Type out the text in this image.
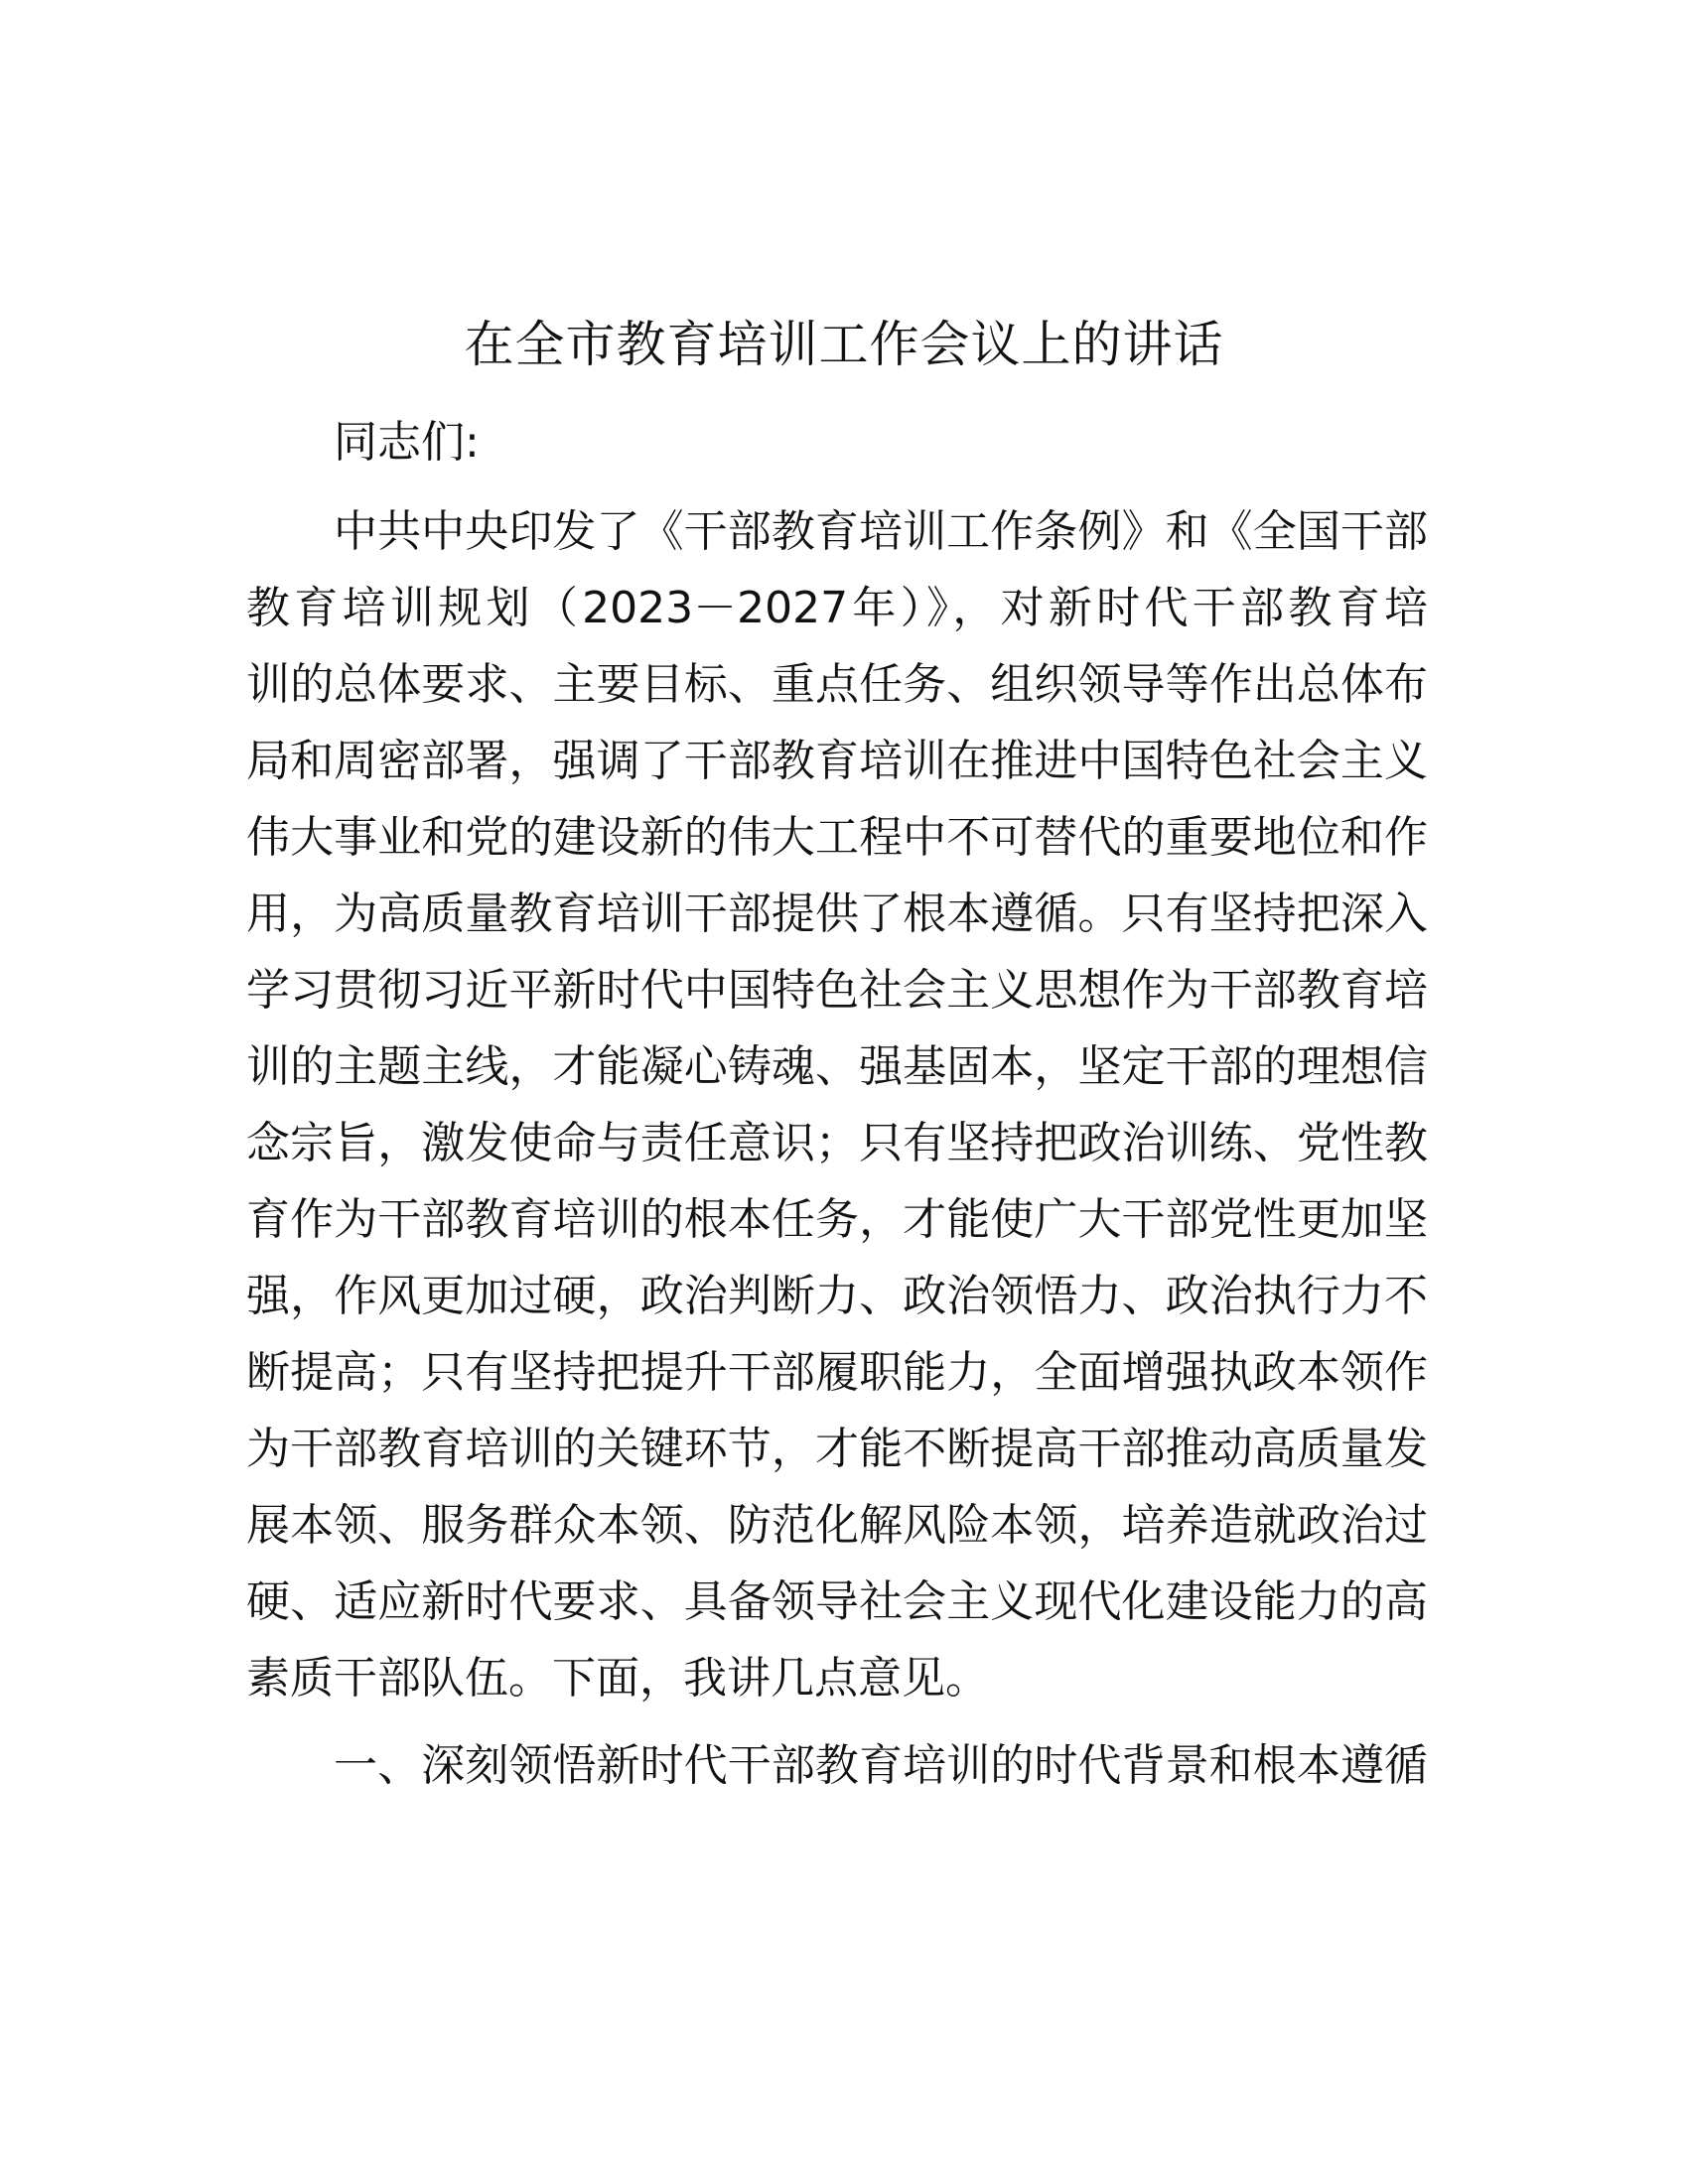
在全市教育培训工作会议上的讲话
同志们:
中共中央印发了《干部教育培训工作条例》和《全国干部
教育培训规划（2023－2027年）》，对新时代干部教育培
训的总体要求、主要目标、重点任务、组织领导等作出总体布
局和周密部署，强调了干部教育培训在推进中国特色社会主义
伟大事业和党的建设新的伟大工程中不可替代的重要地位和作
用，为高质量教育培训干部提供了根本遵循。只有坚持把深入
学习贯彻习近平新时代中国特色社会主义思想作为干部教育培
训的主题主线，才能凝心铸魂、强基固本，坚定干部的理想信
念宗旨，激发使命与责任意识；只有坚持把政治训练、党性教
育作为干部教育培训的根本任务，才能使广大干部党性更加坚
强，作风更加过硬，政治判断力、政治领悟力、政治执行力不
断提高；只有坚持把提升干部履职能力，全面增强执政本领作
为干部教育培训的关键环节，才能不断提高干部推动高质量发
展本领、服务群众本领、防范化解风险本领，培养造就政治过
硬、适应新时代要求、具备领导社会主义现代化建设能力的高
素质干部队伍。下面，我讲几点意见。
一、深刻领悟新时代干部教育培训的时代背景和根本遵循
